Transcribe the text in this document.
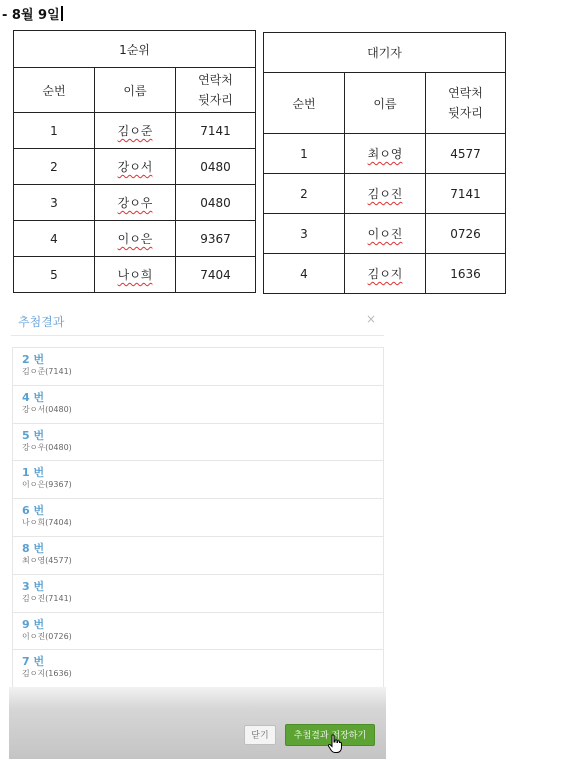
- 8월 9일
1순위		
순번	이름	연락처
뒷자리
1	김ㅇ준	7141
2	강ㅇ서	0480
3	강ㅇ우	0480
4	이ㅇ은	9367
5	나ㅇ희	7404
대기자		
순번	이름	연락처
뒷자리
1	최ㅇ영	4577
2	김ㅇ진	7141
3	이ㅇ진	0726
4	김ㅇ지	1636
추첨결과	×
2 번
김ㅇ준(7141)
4 번
강ㅇ서(0480)
5 번
강ㅇ우(0480)
1 번
이ㅇ은(9367)
6 번
나ㅇ희(7404)
8 번
최ㅇ영(4577)
3 번
김ㅇ진(7141)
9 번
이ㅇ진(0726)
7 번
김ㅇ지(1636)
닫기	추첨결과 저장하기
